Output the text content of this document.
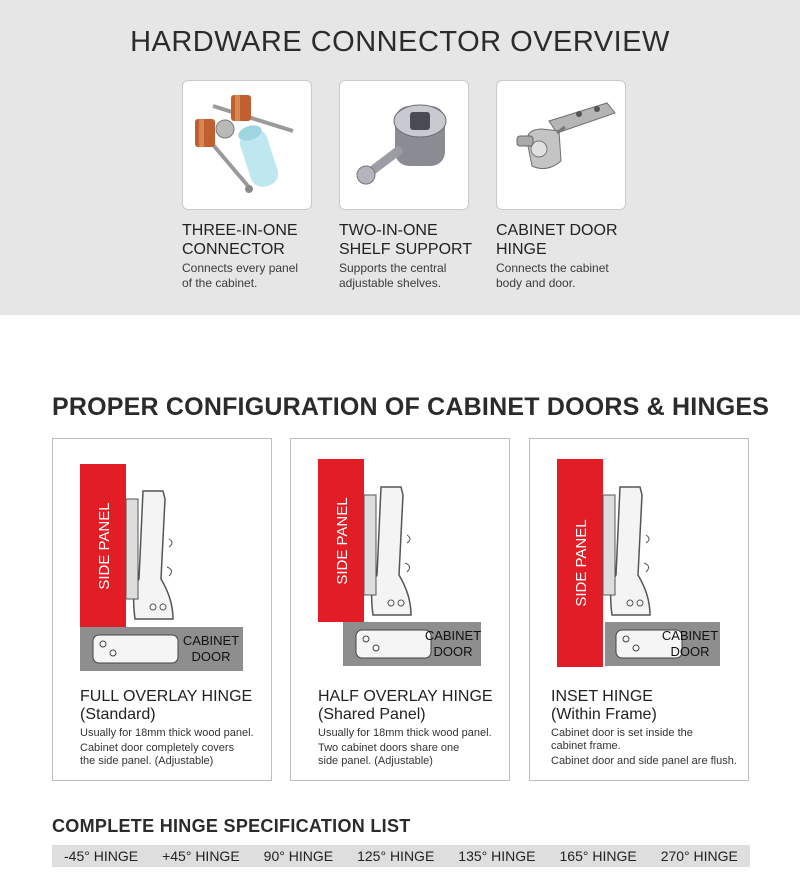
HARDWARE CONNECTOR OVERVIEW
THREE-IN-ONE
CONNECTOR
Connects every panel
of the cabinet.
TWO-IN-ONE
SHELF SUPPORT
Supports the central
adjustable shelves.
CABINET DOOR
HINGE
Connects the cabinet
body and door.
PROPER CONFIGURATION OF CABINET DOORS & HINGES
SIDE PANEL
CABINET
DOOR
FULL OVERLAY HINGE
(Standard)
Usually for 18mm thick wood panel.
Cabinet door completely covers
the side panel. (Adjustable)
SIDE PANEL
CABINET
DOOR
HALF OVERLAY HINGE
(Shared Panel)
Usually for 18mm thick wood panel.
Two cabinet doors share one
side panel. (Adjustable)
SIDE PANEL
CABINET
DOOR
INSET HINGE
(Within Frame)
Cabinet door is set inside the
cabinet frame.
Cabinet door and side panel are flush.
COMPLETE HINGE SPECIFICATION LIST
-45° HINGE +45° HINGE 90° HINGE 125° HINGE 135° HINGE 165° HINGE 270° HINGE
